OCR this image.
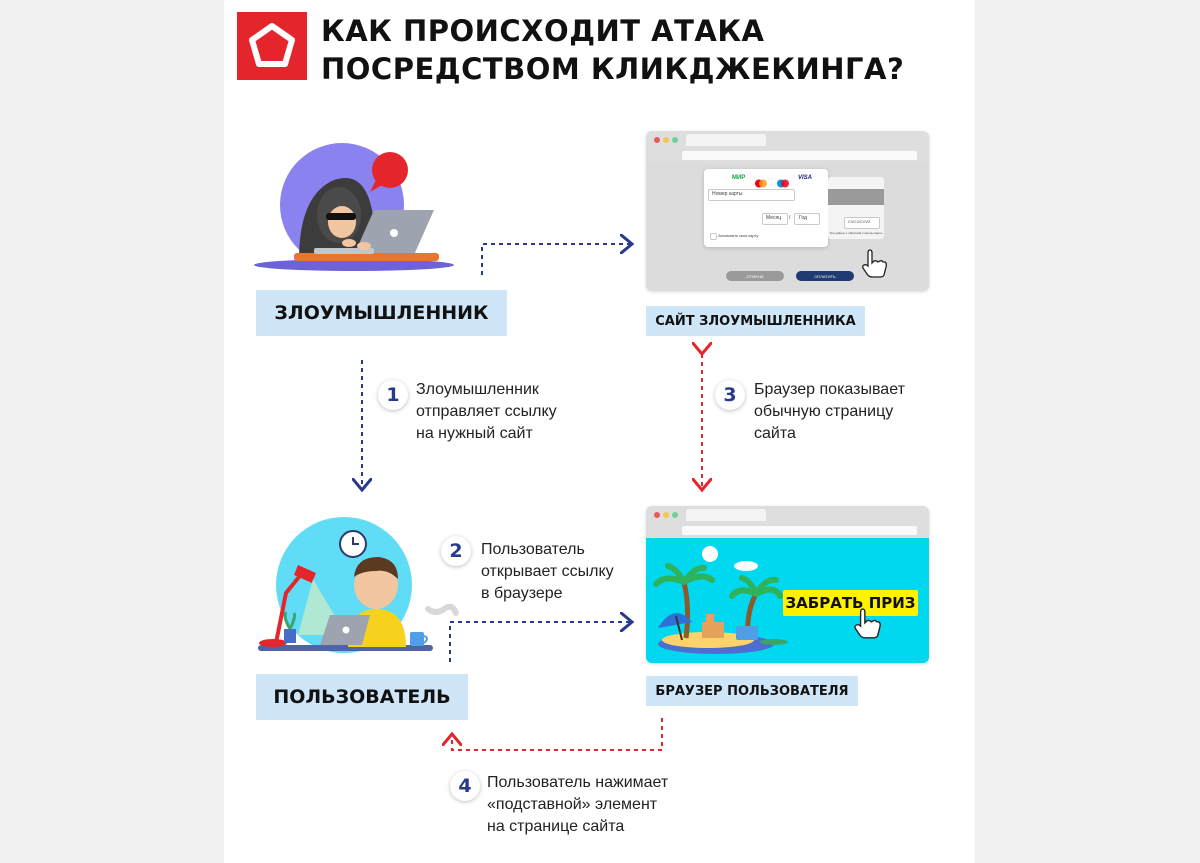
КАК ПРОИСХОДИТ АТАКА
ПОСРЕДСТВОМ КЛИКДЖЕКИНГА?
ЗЛОУМЫШЛЕННИК
МИР	VISA
Номер карты
Месяц / Год
Запомнить мою карту
CVC2/CVV2
Три цифры с обратной стороны карты
ОТМЕНА	ОПЛАТИТЬ
САЙТ ЗЛОУМЫШЛЕННИКА
1	Злоумышленник
отправляет ссылку
на нужный сайт
3	Браузер показывает
обычную страницу
сайта
ПОЛЬЗОВАТЕЛЬ
2	Пользователь
открывает ссылку
в браузере
ЗАБРАТЬ ПРИЗ
БРАУЗЕР ПОЛЬЗОВАТЕЛЯ
4 Пользователь нажимает
«подставной» элемент
на странице сайта
